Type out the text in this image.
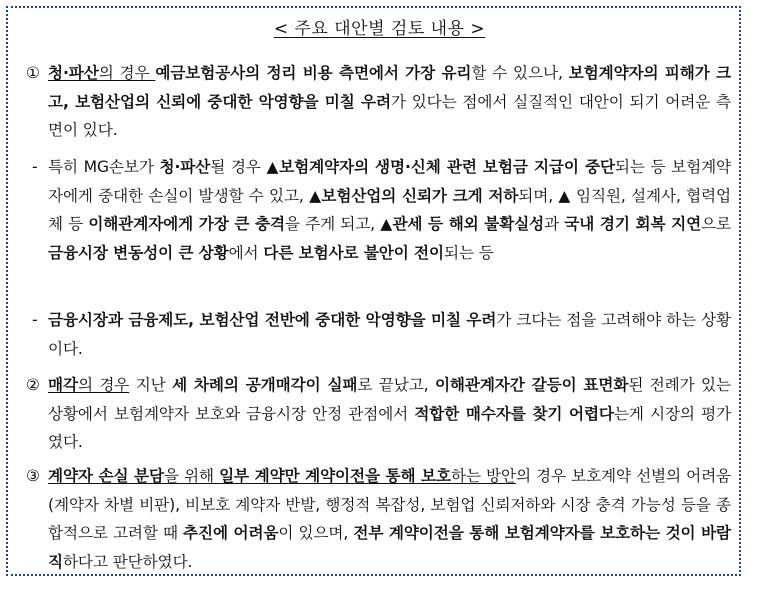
< 주요 대안별 검토 내용 >
① 청·파산의 경우 예금보험공사의 정리 비용 측면에서 가장 유리할 수 있으나, 보험계약자의 피해가 크고, 보험산업의 신뢰에 중대한 악영향을 미칠 우려가 있다는 점에서 실질적인 대안이 되기 어려운 측면이 있다.
- 특히 MG손보가 청·파산될 경우 ▲보험계약자의 생명·신체 관련 보험금 지급이 중단되는 등 보험계약자에게 중대한 손실이 발생할 수 있고, ▲보험산업의 신뢰가 크게 저하되며, ▲ 임직원, 설계사, 협력업체 등 이해관계자에게 가장 큰 충격을 주게 되고, ▲관세 등 해외 불확실성과 국내 경기 회복 지연으로 금융시장 변동성이 큰 상황에서 다른 보험사로 불안이 전이되는 등
- 금융시장과 금융제도, 보험산업 전반에 중대한 악영향을 미칠 우려가 크다는 점을 고려해야 하는 상황이다.
② 매각의 경우 지난 세 차례의 공개매각이 실패로 끝났고, 이해관계자간 갈등이 표면화된 전례가 있는 상황에서 보험계약자 보호와 금융시장 안정 관점에서 적합한 매수자를 찾기 어렵다는게 시장의 평가였다.
③ 계약자 손실 분담을 위해 일부 계약만 계약이전을 통해 보호하는 방안의 경우 보호계약 선별의 어려움(계약자 차별 비판), 비보호 계약자 반발, 행정적 복잡성, 보험업 신뢰저하와 시장 충격 가능성 등을 종합적으로 고려할 때 추진에 어려움이 있으며, 전부 계약이전을 통해 보험계약자를 보호하는 것이 바람직하다고 판단하였다.
